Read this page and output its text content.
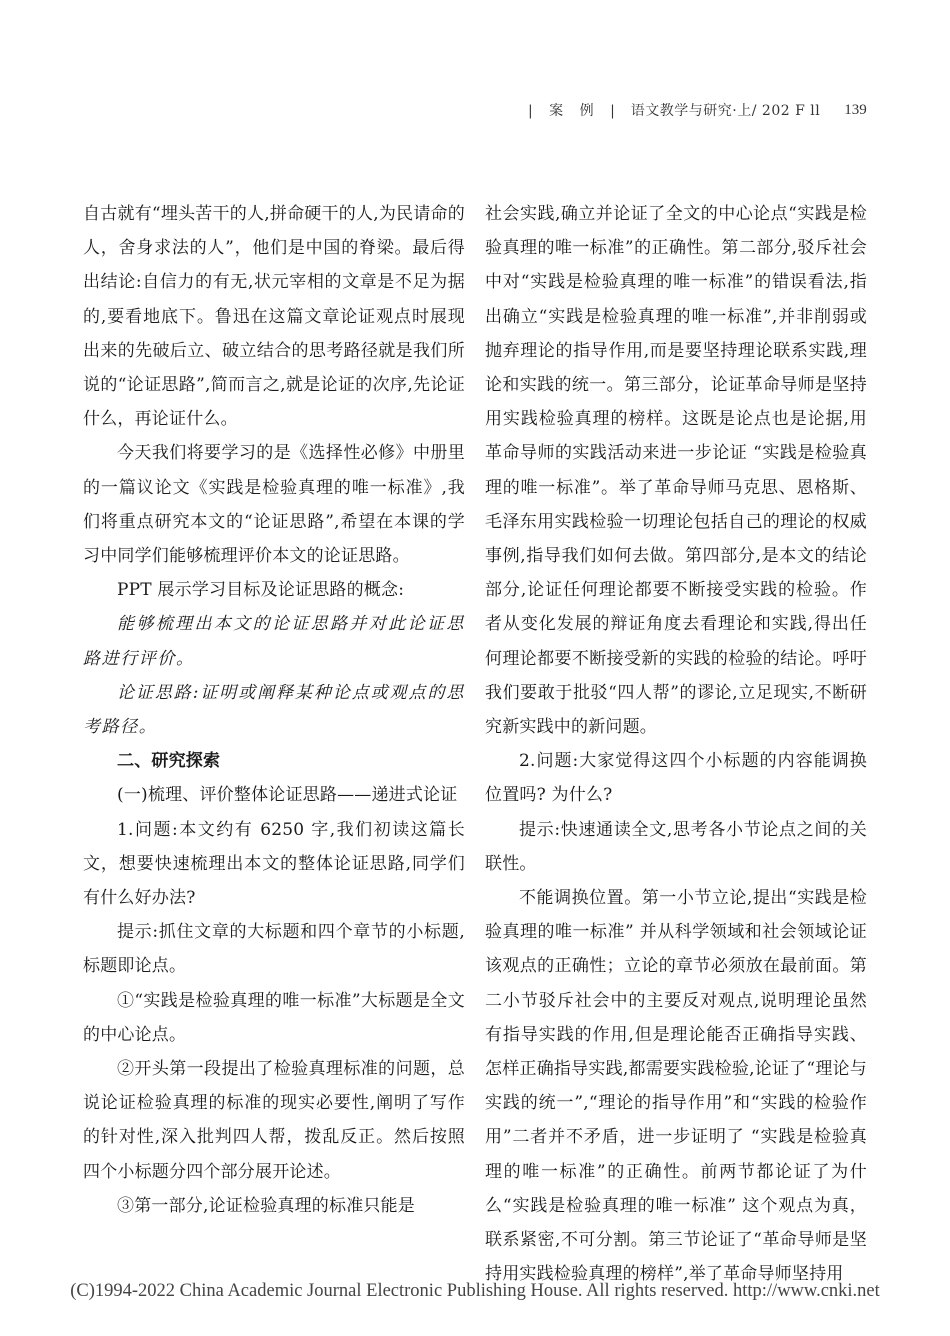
| 案 例 | 语文教学与研究·上/ 202 F ll 139

自古就有“埋头苦干的人,拼命硬干的人,为民请命的人，舍身求法的人”，他们是中国的脊梁。最后得出结论:自信力的有无,状元宰相的文章是不足为据的,要看地底下。鲁迅在这篇文章论证观点时展现出来的先破后立、破立结合的思考路径就是我们所说的“论证思路”,简而言之,就是论证的次序,先论证什么，再论证什么。

今天我们将要学习的是《选择性必修》中册里的一篇议论文《实践是检验真理的唯一标准》,我们将重点研究本文的“论证思路”,希望在本课的学习中同学们能够梳理评价本文的论证思路。

PPT 展示学习目标及论证思路的概念:

能够梳理出本文的论证思路并对此论证思路进行评价。

论证思路:证明或阐释某种论点或观点的思考路径。

二、研究探索

(一)梳理、评价整体论证思路——递进式论证

1.问题:本文约有 6250 字,我们初读这篇长文，想要快速梳理出本文的整体论证思路,同学们有什么好办法?

提示:抓住文章的大标题和四个章节的小标题,标题即论点。

①“实践是检验真理的唯一标准”大标题是全文的中心论点。

②开头第一段提出了检验真理标准的问题，总说论证检验真理的标准的现实必要性,阐明了写作的针对性,深入批判四人帮，拨乱反正。然后按照四个小标题分四个部分展开论述。

③第一部分,论证检验真理的标准只能是

社会实践,确立并论证了全文的中心论点“实践是检验真理的唯一标准”的正确性。第二部分,驳斥社会中对“实践是检验真理的唯一标准”的错误看法,指出确立“实践是检验真理的唯一标准”,并非削弱或抛弃理论的指导作用,而是要坚持理论联系实践,理论和实践的统一。第三部分，论证革命导师是坚持用实践检验真理的榜样。这既是论点也是论据,用革命导师的实践活动来进一步论证 “实践是检验真理的唯一标准”。举了革命导师马克思、恩格斯、毛泽东用实践检验一切理论包括自己的理论的权威事例,指导我们如何去做。第四部分,是本文的结论部分,论证任何理论都要不断接受实践的检验。作者从变化发展的辩证角度去看理论和实践,得出任何理论都要不断接受新的实践的检验的结论。呼吁我们要敢于批驳“四人帮”的谬论,立足现实,不断研究新实践中的新问题。

2.问题:大家觉得这四个小标题的内容能调换位置吗? 为什么?

提示:快速通读全文,思考各小节论点之间的关联性。

不能调换位置。第一小节立论,提出“实践是检验真理的唯一标准” 并从科学领域和社会领域论证该观点的正确性；立论的章节必须放在最前面。第二小节驳斥社会中的主要反对观点,说明理论虽然有指导实践的作用,但是理论能否正确指导实践、怎样正确指导实践,都需要实践检验,论证了“理论与实践的统一”,“理论的指导作用”和“实践的检验作用”二者并不矛盾，进一步证明了 “实践是检验真理的唯一标准”的正确性。前两节都论证了为什么“实践是检验真理的唯一标准” 这个观点为真，联系紧密,不可分割。第三节论证了“革命导师是坚持用实践检验真理的榜样”,举了革命导师坚持用

(C)1994-2022 China Academic Journal Electronic Publishing House. All rights reserved. http://www.cnki.net
